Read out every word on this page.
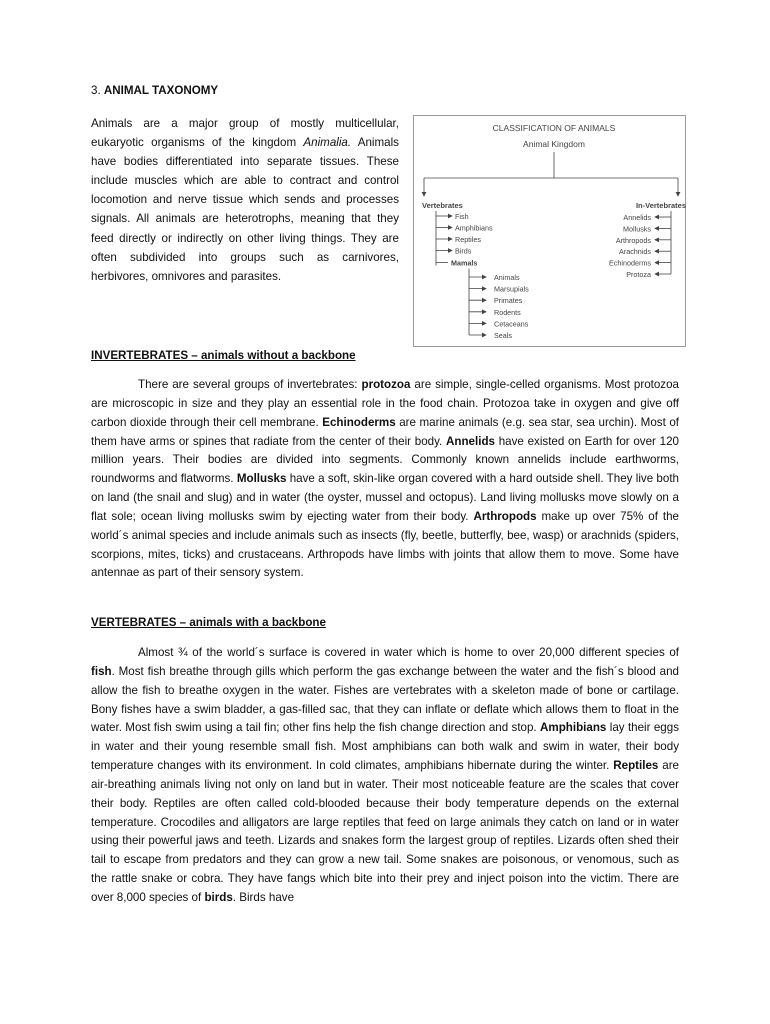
3. ANIMAL TAXONOMY

Animals are a major group of mostly multicellular, eukaryotic organisms of the kingdom Animalia. Animals have bodies differentiated into separate tissues. These include muscles which are able to contract and control locomotion and nerve tissue which sends and processes signals. All animals are heterotrophs, meaning that they feed directly or indirectly on other living things. They are often subdivided into groups such as carnivores, herbivores, omnivores and parasites.
CLASSIFICATION OF ANIMALS
Animal Kingdom
Vertebrates	In-Vertebrates
Fish
Amphibians
Reptiles
Birds
Mamals
Animals
Marsupials
Primates
Rodents
Cetaceans
Seals
Annelids
Mollusks
Arthropods
Arachnids
Echinoderms
Protoza
INVERTEBRATES – animals without a backbone
There are several groups of invertebrates: protozoa are simple, single-celled organisms. Most protozoa are microscopic in size and they play an essential role in the food chain. Protozoa take in oxygen and give off carbon dioxide through their cell membrane. Echinoderms are marine animals (e.g. sea star, sea urchin). Most of them have arms or spines that radiate from the center of their body. Annelids have existed on Earth for over 120 million years. Their bodies are divided into segments. Commonly known annelids include earthworms, roundworms and flatworms. Mollusks have a soft, skin-like organ covered with a hard outside shell. They live both on land (the snail and slug) and in water (the oyster, mussel and octopus). Land living mollusks move slowly on a flat sole; ocean living mollusks swim by ejecting water from their body. Arthropods make up over 75% of the world´s animal species and include animals such as insects (fly, beetle, butterfly, bee, wasp) or arachnids (spiders, scorpions, mites, ticks) and crustaceans. Arthropods have limbs with joints that allow them to move. Some have antennae as part of their sensory system.
VERTEBRATES – animals with a backbone
Almost ¾ of the world´s surface is covered in water which is home to over 20,000 different species of fish. Most fish breathe through gills which perform the gas exchange between the water and the fish´s blood and allow the fish to breathe oxygen in the water. Fishes are vertebrates with a skeleton made of bone or cartilage. Bony fishes have a swim bladder, a gas-filled sac, that they can inflate or deflate which allows them to float in the water. Most fish swim using a tail fin; other fins help the fish change direction and stop. Amphibians lay their eggs in water and their young resemble small fish. Most amphibians can both walk and swim in water, their body temperature changes with its environment. In cold climates, amphibians hibernate during the winter. Reptiles are air-breathing animals living not only on land but in water. Their most noticeable feature are the scales that cover their body. Reptiles are often called cold-blooded because their body temperature depends on the external temperature. Crocodiles and alligators are large reptiles that feed on large animals they catch on land or in water using their powerful jaws and teeth. Lizards and snakes form the largest group of reptiles. Lizards often shed their tail to escape from predators and they can grow a new tail. Some snakes are poisonous, or venomous, such as the rattle snake or cobra. They have fangs which bite into their prey and inject poison into the victim. There are over 8,000 species of birds. Birds have
